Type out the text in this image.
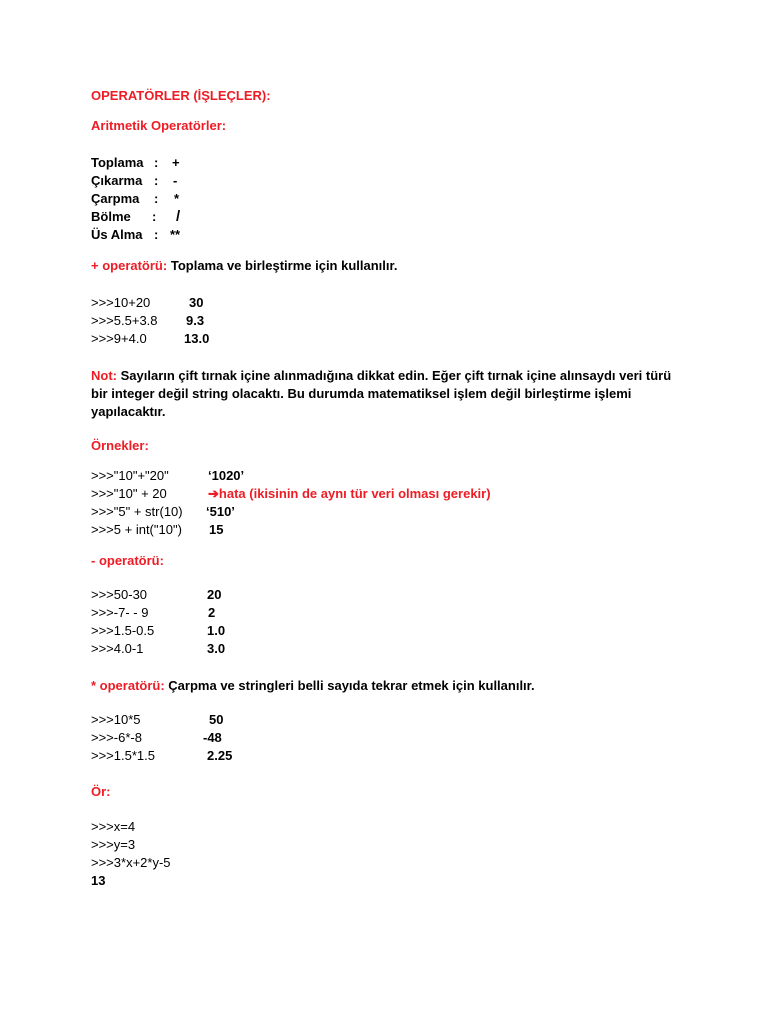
OPERATÖRLER (İŞLEÇLER):
Aritmetik Operatörler:
Toplama : +
Çıkarma : -
Çarpma : *
Bölme : /
Üs Alma : **
+ operatörü: Toplama ve birleştirme için kullanılır.
>>>10+20	30
>>>5.5+3.8 9.3
>>>9+4.0	13.0
Not: Sayıların çift tırnak içine alınmadığına dikkat edin. Eğer çift tırnak içine alınsaydı veri türü bir integer değil string olacaktı. Bu durumda matematiksel işlem değil birleştirme işlemi yapılacaktır.
Örnekler:
>>>"10"+"20"	‘1020’
>>>"10" + 20	➔hata (ikisinin de aynı tür veri olması gerekir)
>>>"5" + str(10) ‘510’
>>>5 + int("10") 15
- operatörü:
>>>50-30	20
>>>-7- - 9	2
>>>1.5-0.5	1.0
>>>4.0-1	3.0
* operatörü: Çarpma ve stringleri belli sayıda tekrar etmek için kullanılır.
>>>10*5	50
>>>-6*-8	-48
>>>1.5*1.5	2.25
Ör:
>>>x=4
>>>y=3
>>>3*x+2*y-5
13
